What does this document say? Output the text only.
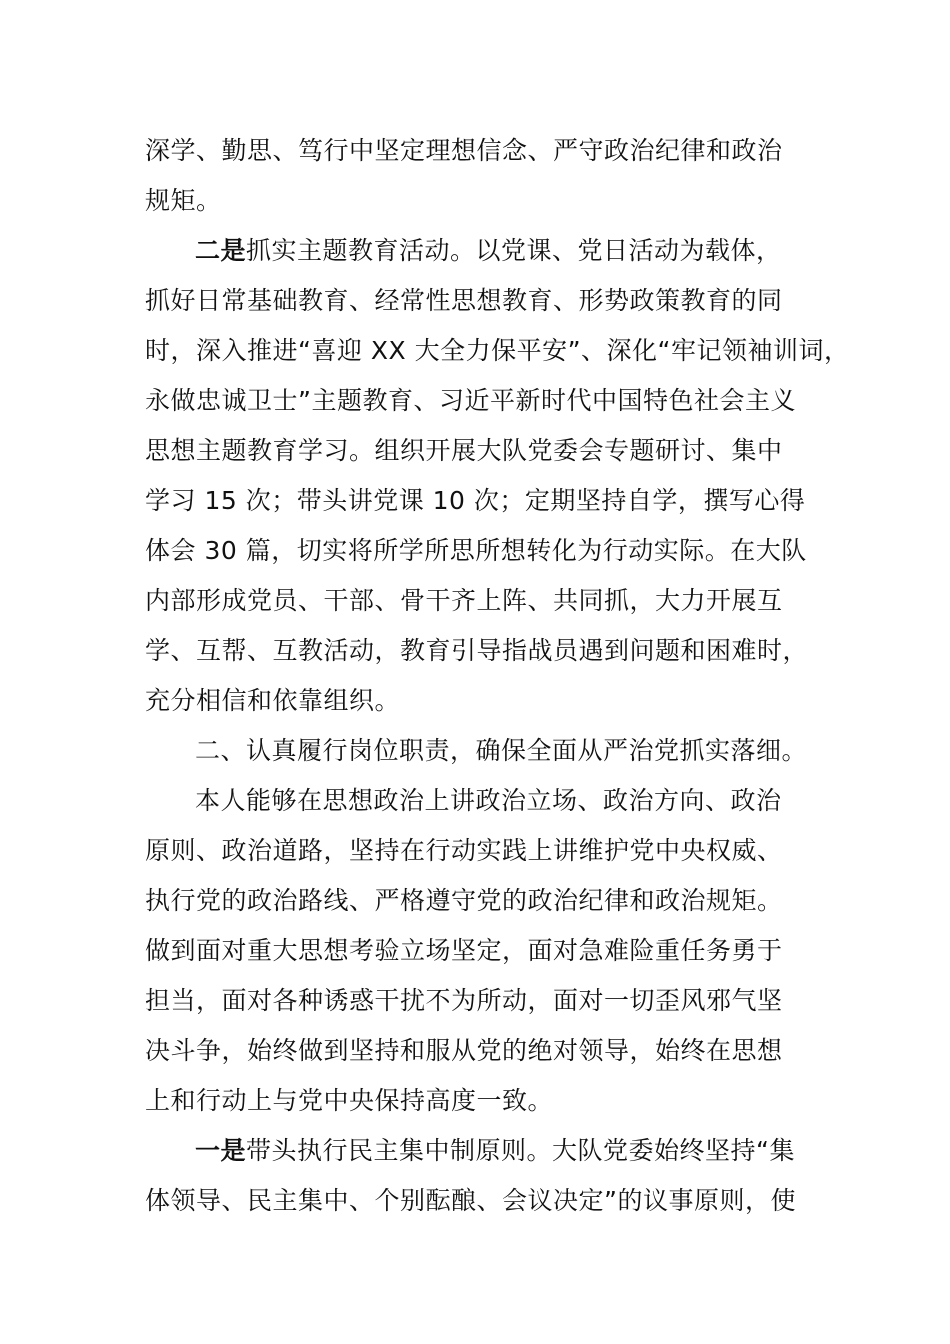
深学、勤思、笃行中坚定理想信念、严守政治纪律和政治
规矩。
二是抓实主题教育活动。以党课、党日活动为载体，
抓好日常基础教育、经常性思想教育、形势政策教育的同
时，深入推进“喜迎 XX 大全力保平安”、深化“牢记领袖训词，
永做忠诚卫士”主题教育、习近平新时代中国特色社会主义
思想主题教育学习。组织开展大队党委会专题研讨、集中
学习 15 次；带头讲党课 10 次；定期坚持自学，撰写心得
体会 30 篇，切实将所学所思所想转化为行动实际。在大队
内部形成党员、干部、骨干齐上阵、共同抓，大力开展互
学、互帮、互教活动，教育引导指战员遇到问题和困难时，
充分相信和依靠组织。
二、认真履行岗位职责，确保全面从严治党抓实落细。
本人能够在思想政治上讲政治立场、政治方向、政治
原则、政治道路，坚持在行动实践上讲维护党中央权威、
执行党的政治路线、严格遵守党的政治纪律和政治规矩。
做到面对重大思想考验立场坚定，面对急难险重任务勇于
担当，面对各种诱惑干扰不为所动，面对一切歪风邪气坚
决斗争，始终做到坚持和服从党的绝对领导，始终在思想
上和行动上与党中央保持高度一致。
一是带头执行民主集中制原则。大队党委始终坚持“集
体领导、民主集中、个别酝酿、会议决定”的议事原则，使
